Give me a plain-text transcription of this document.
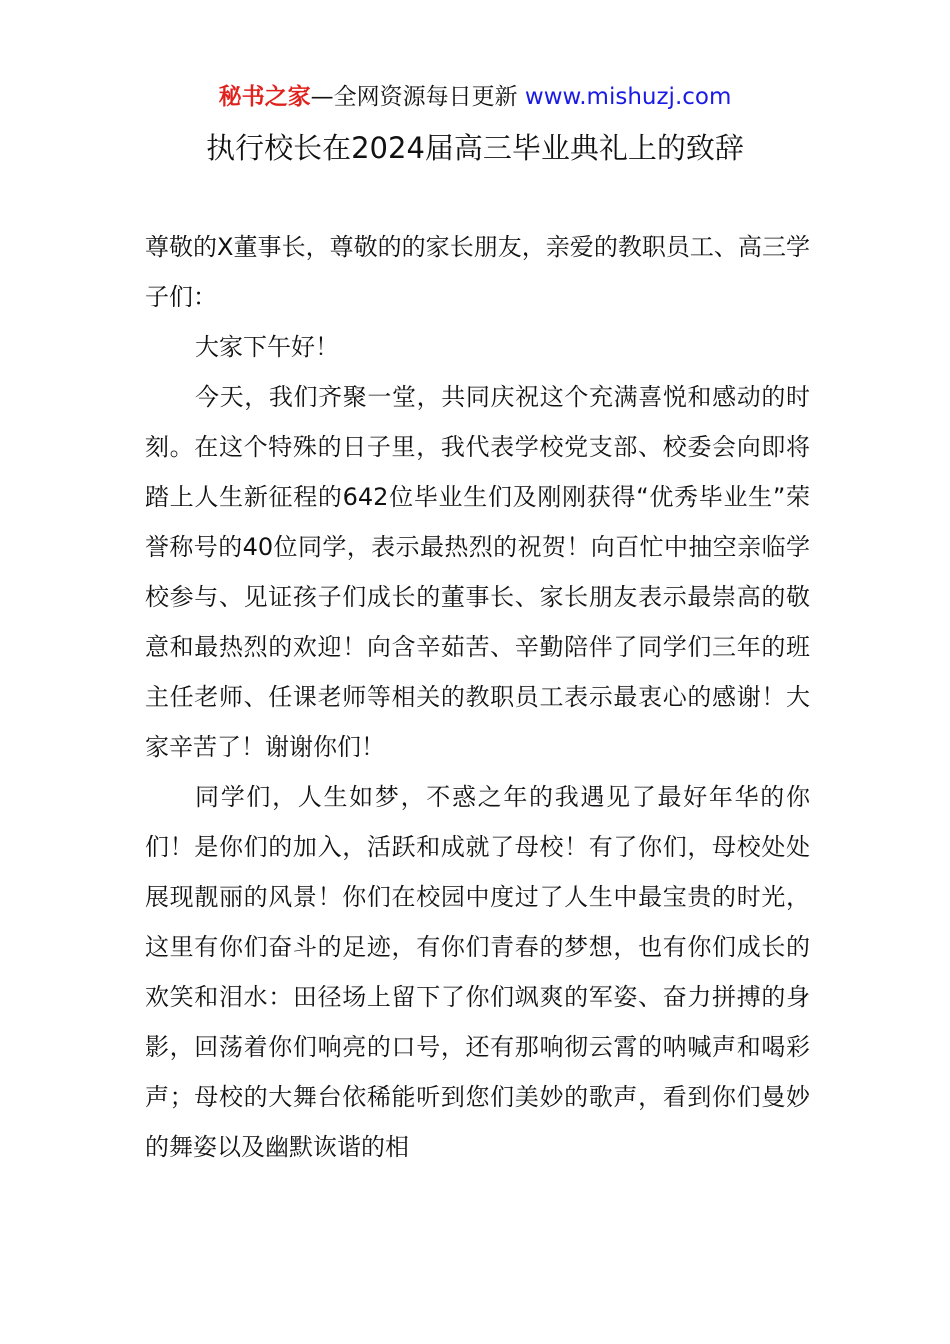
秘书之家—全网资源每日更新 www.mishuzj.com
执行校长在2024届高三毕业典礼上的致辞

尊敬的X董事长，尊敬的的家长朋友，亲爱的教职员工、高三学子们：

大家下午好！

今天，我们齐聚一堂，共同庆祝这个充满喜悦和感动的时刻。在这个特殊的日子里，我代表学校党支部、校委会向即将踏上人生新征程的642位毕业生们及刚刚获得“优秀毕业生”荣誉称号的40位同学，表示最热烈的祝贺！向百忙中抽空亲临学校参与、见证孩子们成长的董事长、家长朋友表示最崇高的敬意和最热烈的欢迎！向含辛茹苦、辛勤陪伴了同学们三年的班主任老师、任课老师等相关的教职员工表示最衷心的感谢！大家辛苦了！谢谢你们！

同学们，人生如梦，不惑之年的我遇见了最好年华的你们！是你们的加入，活跃和成就了母校！有了你们，母校处处展现靓丽的风景！你们在校园中度过了人生中最宝贵的时光，这里有你们奋斗的足迹，有你们青春的梦想，也有你们成长的欢笑和泪水：田径场上留下了你们飒爽的军姿、奋力拼搏的身影，回荡着你们响亮的口号，还有那响彻云霄的呐喊声和喝彩声；母校的大舞台依稀能听到您们美妙的歌声，看到你们曼妙的舞姿以及幽默诙谐的相
